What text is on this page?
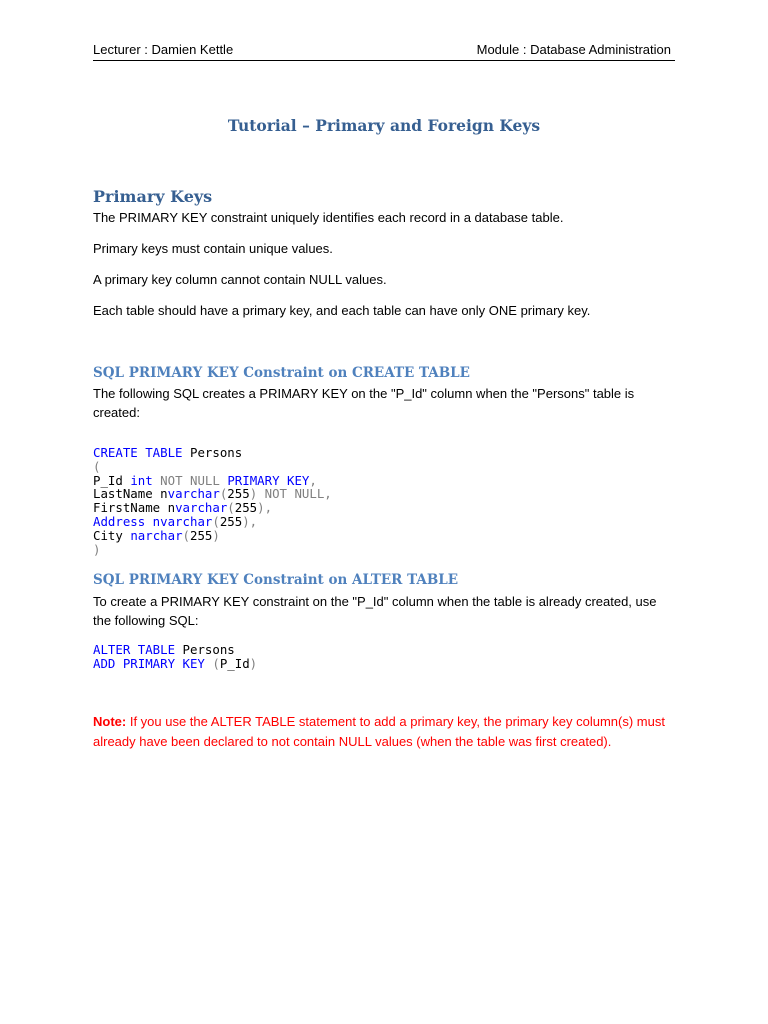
Lecturer : Damien Kettle	Module : Database Administration
Tutorial – Primary and Foreign Keys
Primary Keys
The PRIMARY KEY constraint uniquely identifies each record in a database table.
Primary keys must contain unique values.
A primary key column cannot contain NULL values.
Each table should have a primary key, and each table can have only ONE primary key.
SQL PRIMARY KEY Constraint on CREATE TABLE
The following SQL creates a PRIMARY KEY on the "P_Id" column when the "Persons" table is created:
CREATE TABLE Persons
(
P_Id int NOT NULL PRIMARY KEY,
LastName nvarchar(255) NOT NULL,
FirstName nvarchar(255),
Address nvarchar(255),
City narchar(255)
)
SQL PRIMARY KEY Constraint on ALTER TABLE
To create a PRIMARY KEY constraint on the "P_Id" column when the table is already created, use the following SQL:
ALTER TABLE Persons
ADD PRIMARY KEY (P_Id)
Note: If you use the ALTER TABLE statement to add a primary key, the primary key column(s) must already have been declared to not contain NULL values (when the table was first created).
